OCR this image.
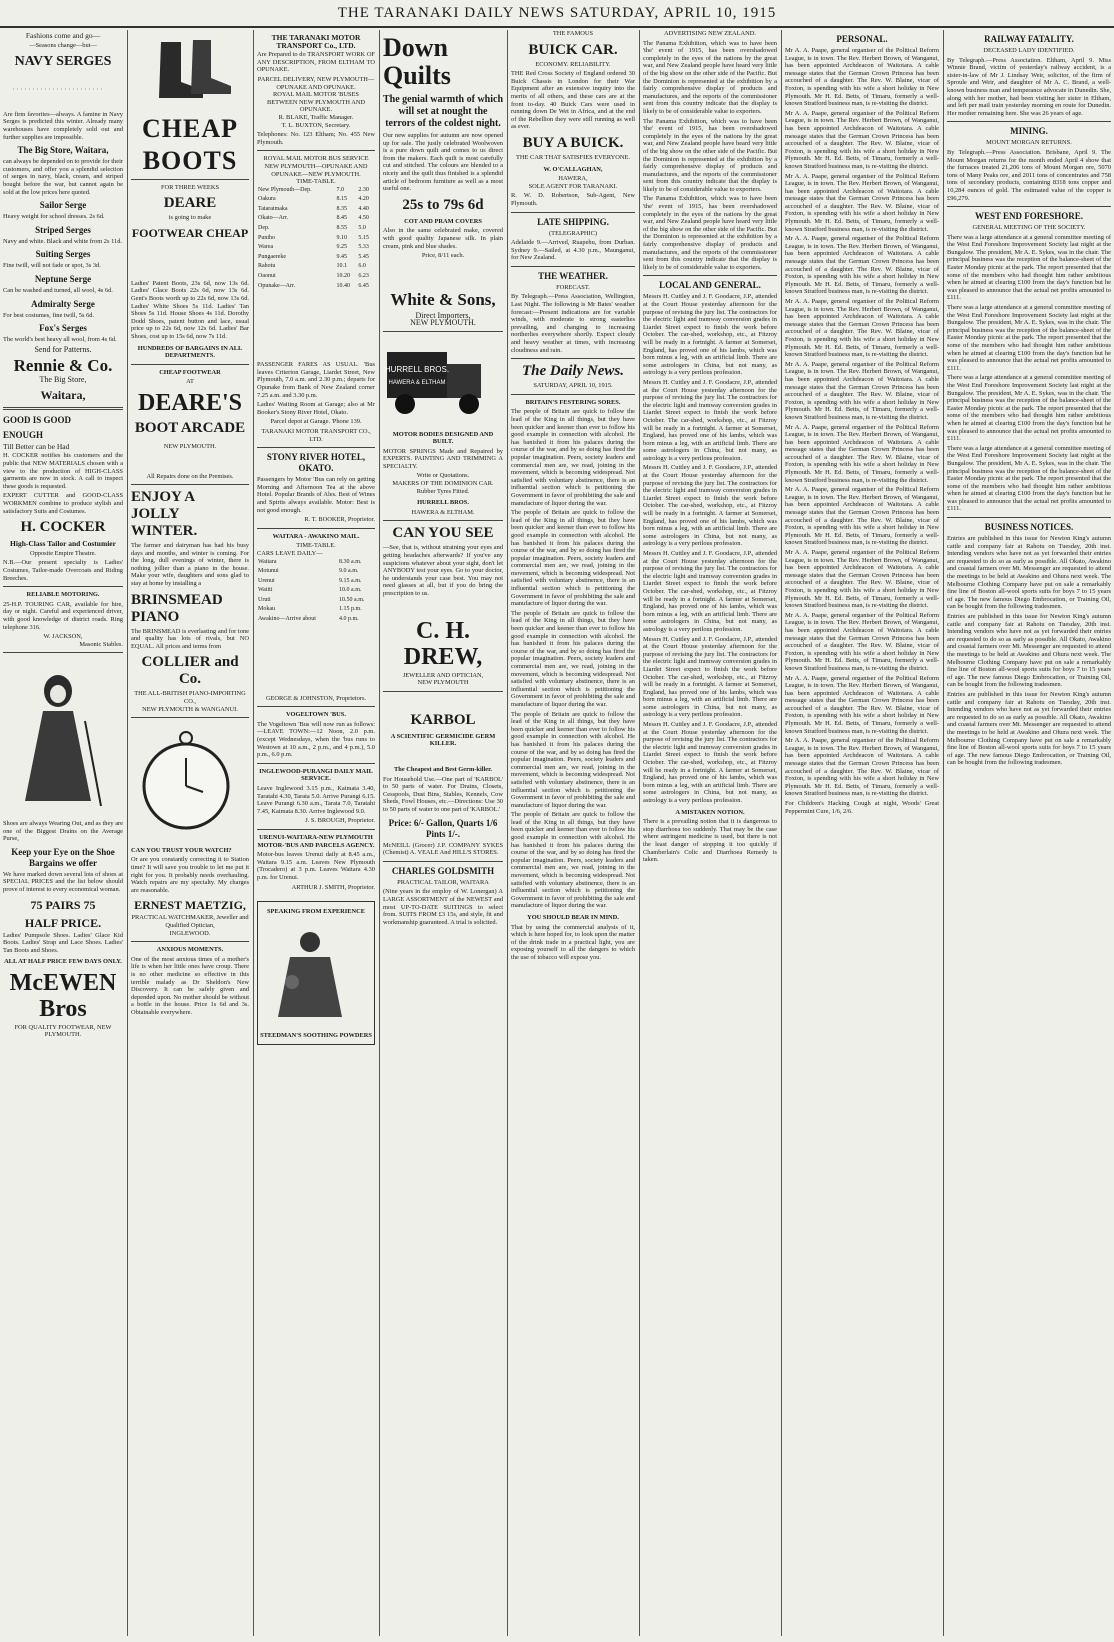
THE TARANAKI DAILY NEWS SATURDAY, APRIL 10, 1915

Fashions come and go—

—Seasons change—but—

NAVY SERGES

Are firm favorites—always. A famine in Navy Serges is predicted this winter. Already many warehouses have completely sold out and further supplies are impossible.

The Big Store, Waitara,

can always be depended on to provide for their customers, and offer you a splendid selection of serges in navy, black, cream, and striped bought before the war, but cannot again be sold at the low prices here quoted.

Sailor Serge

Heavy weight for school dresses. 2s 6d.

Striped Serges

Navy and white. Black and white from 2s 11d.

Suiting Serges

Fine twill, will not fade or spot, 3s 3d.

Neptune Serge

Can be washed and turned, all wool, 4s 6d.

Admiralty Serge

For best costumes, fine twill, 5s 6d.

Fox's Serges

The world's best heavy all wool, from 4s 6d.

Send for Patterns.

Rennie & Co.
The Big Store,
Waitara,
GOOD IS GOOD
ENOUGH
Till Better can be Had

H. COCKER notifies his customers and the public that NEW MATERIALS chosen with a view to the production of HIGH-CLASS garments are now in stock. A call to inspect these goods is requested.

EXPERT CUTTER and GOOD-CLASS WORKMEN combine to produce stylish and satisfactory Suits and Costumes.

H. COCKER
High-Class Tailor and Costumier
Opposite Empire Theatre.

N.B.—Our present specialty is Ladies' Costumes, Tailor-made Overcoats and Riding Breeches.

RELIABLE MOTORING.

25-H.P. TOURING CAR, available for hire, day or night. Careful and experienced driver, with good knowledge of district roads. Ring telephone 316.

W. JACKSON,
Masonic Stables.

Shoes are always Wearing Out, and as they are one of the Biggest Drains on the Average Purse,

Keep your Eye on the Shoe Bargains we offer

We have marked down several lots of shoes at SPECIAL PRICES and the list below should prove of interest to every economical woman.

75 PAIRS 75
HALF PRICE.

Ladies' Pumpsole Shoes. Ladies' Glace Kid Boots. Ladies' Strap and Lace Shoes. Ladies' Tan Boots and Shoes.

ALL AT HALF PRICE FEW DAYS ONLY.
McEWEN Bros
FOR QUALITY FOOTWEAR, NEW PLYMOUTH.
CHEAP
BOOTS
FOR THREE WEEKS
DEARE
is going to make
FOOTWEAR CHEAP

Ladies' Patent Boots, 23s 6d, now 13s 6d. Ladies' Glace Boots 22s 6d, now 13s 6d. Gent's Boots worth up to 22s 6d, now 13s 6d. Ladies' White Shoes 5s 11d. Ladies' Tan Shoes 5s 11d. House Shoes 4s 11d. Dorothy Dodd Shoes, patent button and lace, usual price up to 22s 6d, now 12s 6d. Ladies' Bar Shoes, cost up to 15s 6d, now 7s 11d.

HUNDREDS OF BARGAINS IN ALL DEPARTMENTS.
CHEAP FOOTWEAR
AT
DEARE'S
BOOT ARCADE
NEW PLYMOUTH.
All Repairs done on the Premises.
ENJOY A JOLLY WINTER.

The farmer and dairyman has had his busy days and months, and winter is coming. For the long, dull evenings of winter, there is nothing jollier than a piano in the house. Make your wife, daughters and sons glad to stay at home by installing a

BRINSMEAD PIANO

The BRINSMEAD is everlasting and for tone and quality has lots of rivals, but NO EQUAL. All prices and terms from

COLLIER and Co.
THE ALL-BRITISH PIANO-IMPORTING CO.,
NEW PLYMOUTH & WANGANUI.
CAN YOU TRUST YOUR WATCH?

Or are you constantly correcting it to Station time? It will save you trouble to let me put it right for you. It probably needs overhauling. Watch repairs are my specialty. My charges are reasonable.

ERNEST MAETZIG,
PRACTICAL WATCHMAKER, Jeweller and Qualified Optician,
INGLEWOOD.
ANXIOUS MOMENTS.

One of the most anxious times of a mother's life is when her little ones have croup. There is no other medicine so effective in this terrible malady as Dr Sheldon's New Discovery. It can be safely given and depended upon. No mother should be without a bottle in the house. Price 1s 6d and 3s. Obtainable everywhere.

THE TARANAKI MOTOR TRANSPORT Co., LTD.

Are Prepared to do TRANSPORT WORK OF ANY DESCRIPTION, FROM ELTHAM TO OPUNAKE.

PARCEL DELIVERY, NEW PLYMOUTH—OPUNAKE AND OPUNAKE.
ROYAL MAIL MOTOR 'BUSES BETWEEN NEW PLYMOUTH AND OPUNAKE.
R. BLAKE, Traffic Manager.
T. L. BUXTON, Secretary.

Telephones: No. 123 Eltham; No. 455 New Plymouth.

ROYAL MAIL MOTOR BUS SERVICE NEW PLYMOUTH—OPUNAKE AND OPUNAKE—NEW PLYMOUTH.
TIME-TABLE.
New Plymouth—Dep.	7.0	2.30
Oakura	8.15	4.20
Tataraimaka	8.35	4.40
Okato—Arr.	8.45	4.50
Dep.	8.55	5.0
Puniho	9.10	5.15
Warea	9.25	5.33
Pungaereke	9.45	5.45
Rahotu	10.1	6.0
Oaonui	10.20	6.23
Opunake—Arr.	10.40	6.45

PASSENGER FARES AS USUAL. 'Bus leaves Criterion Garage, Liardet Street, New Plymouth, 7.0 a.m. and 2.30 p.m.; departs for Opunake from Bank of New Zealand corner 7.25 a.m. and 3.30 p.m.

Ladies' Waiting Room at Garage; also at Mr Booker's Stony River Hotel, Okato.

Parcel depot at Garage. 'Phone 139.

TARANAKI MOTOR TRANSPORT CO., LTD.
STONY RIVER HOTEL, OKATO.

Passengers by Motor 'Bus can rely on getting Morning and Afternoon Tea at the above Hotel. Popular Brands of Ales. Best of Wines and Spirits always available. Motor: Best is not good enough.

R. T. BOOKER, Proprietor.
WAITARA - AWAKINO MAIL.
TIME-TABLE.
CARS LEAVE DAILY—
Waitara	8.30 a.m.
Motunui	9.0 a.m.
Urenui	9.15 a.m.
Waiiti	10.0 a.m.
Uruti	10.50 a.m.
Mokau	1.15 p.m.
Awakino—Arrive about	4.0 p.m.

GEORGE & JOHNSTON, Proprietors.

VOGELTOWN 'BUS.

The Vogeltown 'Bus will now run as follows:—LEAVE TOWN:—12 Noon, 2.0 p.m. (except Wednesdays, when the 'bus runs to Westown at 10 a.m., 2 p.m., and 4 p.m.), 5.0 p.m., 6.0 p.m.

INGLEWOOD-PURANGI DAILY MAIL SERVICE.

Leave Inglewood 3.15 p.m., Kaimata 3.40, Taratahi 4.30, Tarata 5.0. Arrive Purangi 6.15. Leave Purangi 6.30 a.m., Tarata 7.0, Taratahi 7.45, Kaimata 8.30. Arrive Inglewood 9.0.

J. S. BROUGH, Proprietor.
URENUI-WAITARA-NEW PLYMOUTH MOTOR-'BUS AND PARCELS AGENCY.

Motor-bus leaves Urenui daily at 8.45 a.m., Waitara 9.15 a.m. Leaves New Plymouth (Trocadero) at 3 p.m. Leaves Waitara 4.30 p.m. for Urenui.

ARTHUR J. SMITH, Proprietor.
SPEAKING FROM EXPERIENCE
STEEDMAN'S SOOTHING POWDERS
Down Quilts
The genial warmth of which will set at nought the terrors of the coldest night.

Our new supplies for autumn are now opened up for sale. The justly celebrated Woolwoven is a pure down quilt and comes to us direct from the makers. Each quilt is most carefully cut and stitched. The colours are blended to a nicety and the quilt thus finished is a splendid article of bedroom furniture as well as a most useful one.

25s to 79s 6d
COT AND PRAM COVERS

Also in the same celebrated make, covered with good quality Japanese silk. In plain cream, pink and blue shades.

Price, 8/11 each.
White & Sons,
Direct Importers,
NEW PLYMOUTH.
HURRELL BROS.
HAWERA & ELTHAM
MOTOR BODIES DESIGNED AND BUILT.

MOTOR SPRINGS Made and Repaired by EXPERTS. PAINTING AND TRIMMING A SPECIALTY.

Write or Quotations.
MAKERS OF THE DOMINION CAR.
Rubber Tyres Fitted.
HURRELL BROS.
HAWERA & ELTHAM.
CAN YOU SEE

—See, that is, without straining your eyes and getting headaches afterwards? If you've any suspicions whatever about your sight, don't let ANYBODY test your eyes. Go to your doctor, he understands your case best. You may not need glasses at all, but if you do bring the prescription to us.

C. H. DREW,
JEWELLER AND OPTICIAN,
NEW PLYMOUTH
KARBOL
A SCIENTIFIC GERMICIDE GERM KILLER.
The Cheapest and Best Germ-killer.

For Household Use.—One part of 'KARBOL' to 50 parts of water. For Drains, Closets, Cesspools, Dust Bins, Stables, Kennels, Cow Sheds, Fowl Houses, etc.—Directions: Use 30 to 50 parts of water to one part of 'KARBOL.'

Price: 6/- Gallon, Quarts 1/6 Pints 1/-.

McNEILL (Grocer) J.P. COMPANY SYKES (Chemist) A. VEALE And HILL'S STORES.

CHARLES GOLDSMITH
PRACTICAL TAILOR, WAITARA

(Nine years in the employ of W. Lonergan) A LARGE ASSORTMENT of the NEWEST and most UP-TO-DATE SUITINGS to select from. SUITS FROM £3 15s, and style, fit and workmanship guaranteed. A trial is solicited.

THE FAMOUS
BUICK CAR.
ECONOMY. RELIABILITY.

THE Red Cross Society of England ordered 30 Buick Chassis in London for their War Equipment after an extensive inquiry into the merits of all others, and these cars are at the front to-day. 40 Buick Cars were used in running down De Wet in Africa, and at the end of the Rebellion they were still running as well as ever.

BUY A BUICK.
THE CAR THAT SATISFIES EVERYONE.
W. O'CALLAGHAN,
HAWERA,
SOLE AGENT FOR TARANAKI.

R. W. D. Robertson, Sub-Agent, New Plymouth.

LATE SHIPPING.
(TELEGRAPHIC)

Adelaide 9.—Arrived, Ruapehu, from Durban. Sydney 9.—Sailed, at 4.30 p.m., Maunganui, for New Zealand.

THE WEATHER.
FORECAST.

By Telegraph.—Press Association, Wellington, Last Night. The following is Mr Bates' weather forecast:—Present indications are for variable winds, with moderate to strong easterlies prevailing, and changing to increasing northerlies everywhere shortly. Expect cloudy and heavy weather at times, with increasing cloudiness and rain.

The Daily News.
SATURDAY, APRIL 10, 1915.
BRITAIN'S FESTERING SORES.

The people of Britain are quick to follow the lead of the King in all things, but they have been quicker and keener than ever to follow his good example in connection with alcohol. He has banished it from his palaces during the course of the war, and by so doing has fired the popular imagination. Peers, society leaders and commercial men are, we read, joining in the movement, which is becoming widespread. Not satisfied with voluntary abstinence, there is an influential section which is petitioning the Government in favor of prohibiting the sale and manufacture of liquor during the war.

The people of Britain are quick to follow the lead of the King in all things, but they have been quicker and keener than ever to follow his good example in connection with alcohol. He has banished it from his palaces during the course of the war, and by so doing has fired the popular imagination. Peers, society leaders and commercial men are, we read, joining in the movement, which is becoming widespread. Not satisfied with voluntary abstinence, there is an influential section which is petitioning the Government in favor of prohibiting the sale and manufacture of liquor during the war.

The people of Britain are quick to follow the lead of the King in all things, but they have been quicker and keener than ever to follow his good example in connection with alcohol. He has banished it from his palaces during the course of the war, and by so doing has fired the popular imagination. Peers, society leaders and commercial men are, we read, joining in the movement, which is becoming widespread. Not satisfied with voluntary abstinence, there is an influential section which is petitioning the Government in favor of prohibiting the sale and manufacture of liquor during the war.

The people of Britain are quick to follow the lead of the King in all things, but they have been quicker and keener than ever to follow his good example in connection with alcohol. He has banished it from his palaces during the course of the war, and by so doing has fired the popular imagination. Peers, society leaders and commercial men are, we read, joining in the movement, which is becoming widespread. Not satisfied with voluntary abstinence, there is an influential section which is petitioning the Government in favor of prohibiting the sale and manufacture of liquor during the war.

The people of Britain are quick to follow the lead of the King in all things, but they have been quicker and keener than ever to follow his good example in connection with alcohol. He has banished it from his palaces during the course of the war, and by so doing has fired the popular imagination. Peers, society leaders and commercial men are, we read, joining in the movement, which is becoming widespread. Not satisfied with voluntary abstinence, there is an influential section which is petitioning the Government in favor of prohibiting the sale and manufacture of liquor during the war.

YOU SHOULD BEAR IN MIND.

That by using the commercial analysis of it, which is here hoped for, to look upon the matter of the drink trade in a practical light, you are exposing yourself to all the dangers to which the use of tobacco will expose you.

ADVERTISING NEW ZEALAND.

The Panama Exhibition, which was to have been 'the' event of 1915, has been overshadowed completely in the eyes of the nations by the great war, and New Zealand people have heard very little of the big show on the other side of the Pacific. But the Dominion is represented at the exhibition by a fairly comprehensive display of products and manufactures, and the reports of the commissioner sent from this country indicate that the display is likely to be of considerable value to exporters.

The Panama Exhibition, which was to have been 'the' event of 1915, has been overshadowed completely in the eyes of the nations by the great war, and New Zealand people have heard very little of the big show on the other side of the Pacific. But the Dominion is represented at the exhibition by a fairly comprehensive display of products and manufactures, and the reports of the commissioner sent from this country indicate that the display is likely to be of considerable value to exporters.

The Panama Exhibition, which was to have been 'the' event of 1915, has been overshadowed completely in the eyes of the nations by the great war, and New Zealand people have heard very little of the big show on the other side of the Pacific. But the Dominion is represented at the exhibition by a fairly comprehensive display of products and manufactures, and the reports of the commissioner sent from this country indicate that the display is likely to be of considerable value to exporters.

LOCAL AND GENERAL.

Messrs H. Cuttley and J. F. Goodacre, J.P., attended at the Court House yesterday afternoon for the purpose of revising the jury list. The contractors for the electric light and tramway conversion grades in Liardet Street expect to finish the work before October. The car-shed, workshop, etc., at Fitzroy will be ready in a fortnight. A farmer at Somerset, England, has proved one of his lambs, which was born minus a leg, with an artificial limb. There are some astrologers in China, but not many, as astrology is a very perilous profession.

Messrs H. Cuttley and J. F. Goodacre, J.P., attended at the Court House yesterday afternoon for the purpose of revising the jury list. The contractors for the electric light and tramway conversion grades in Liardet Street expect to finish the work before October. The car-shed, workshop, etc., at Fitzroy will be ready in a fortnight. A farmer at Somerset, England, has proved one of his lambs, which was born minus a leg, with an artificial limb. There are some astrologers in China, but not many, as astrology is a very perilous profession.

Messrs H. Cuttley and J. F. Goodacre, J.P., attended at the Court House yesterday afternoon for the purpose of revising the jury list. The contractors for the electric light and tramway conversion grades in Liardet Street expect to finish the work before October. The car-shed, workshop, etc., at Fitzroy will be ready in a fortnight. A farmer at Somerset, England, has proved one of his lambs, which was born minus a leg, with an artificial limb. There are some astrologers in China, but not many, as astrology is a very perilous profession.

Messrs H. Cuttley and J. F. Goodacre, J.P., attended at the Court House yesterday afternoon for the purpose of revising the jury list. The contractors for the electric light and tramway conversion grades in Liardet Street expect to finish the work before October. The car-shed, workshop, etc., at Fitzroy will be ready in a fortnight. A farmer at Somerset, England, has proved one of his lambs, which was born minus a leg, with an artificial limb. There are some astrologers in China, but not many, as astrology is a very perilous profession.

Messrs H. Cuttley and J. F. Goodacre, J.P., attended at the Court House yesterday afternoon for the purpose of revising the jury list. The contractors for the electric light and tramway conversion grades in Liardet Street expect to finish the work before October. The car-shed, workshop, etc., at Fitzroy will be ready in a fortnight. A farmer at Somerset, England, has proved one of his lambs, which was born minus a leg, with an artificial limb. There are some astrologers in China, but not many, as astrology is a very perilous profession.

Messrs H. Cuttley and J. F. Goodacre, J.P., attended at the Court House yesterday afternoon for the purpose of revising the jury list. The contractors for the electric light and tramway conversion grades in Liardet Street expect to finish the work before October. The car-shed, workshop, etc., at Fitzroy will be ready in a fortnight. A farmer at Somerset, England, has proved one of his lambs, which was born minus a leg, with an artificial limb. There are some astrologers in China, but not many, as astrology is a very perilous profession.

A MISTAKEN NOTION.

There is a prevailing notion that it is dangerous to stop diarrhoea too suddenly. That may be the case where astringent medicine is used, but there is not the least danger of stopping it too quickly if Chamberlain's Colic and Diarrhoea Remedy is taken.

PERSONAL.

Mr A. A. Paape, general organiser of the Political Reform League, is in town. The Rev. Herbert Brown, of Wanganui, has been appointed Archdeacon of Waitotara. A cable message states that the German Crown Princess has been accouched of a daughter. The Rev. W. Blaine, vicar of Foxton, is spending with his wife a short holiday in New Plymouth. Mr H. Ed. Betts, of Timaru, formerly a well-known Stratford business man, is re-visiting the district.

Mr A. A. Paape, general organiser of the Political Reform League, is in town. The Rev. Herbert Brown, of Wanganui, has been appointed Archdeacon of Waitotara. A cable message states that the German Crown Princess has been accouched of a daughter. The Rev. W. Blaine, vicar of Foxton, is spending with his wife a short holiday in New Plymouth. Mr H. Ed. Betts, of Timaru, formerly a well-known Stratford business man, is re-visiting the district.

Mr A. A. Paape, general organiser of the Political Reform League, is in town. The Rev. Herbert Brown, of Wanganui, has been appointed Archdeacon of Waitotara. A cable message states that the German Crown Princess has been accouched of a daughter. The Rev. W. Blaine, vicar of Foxton, is spending with his wife a short holiday in New Plymouth. Mr H. Ed. Betts, of Timaru, formerly a well-known Stratford business man, is re-visiting the district.

Mr A. A. Paape, general organiser of the Political Reform League, is in town. The Rev. Herbert Brown, of Wanganui, has been appointed Archdeacon of Waitotara. A cable message states that the German Crown Princess has been accouched of a daughter. The Rev. W. Blaine, vicar of Foxton, is spending with his wife a short holiday in New Plymouth. Mr H. Ed. Betts, of Timaru, formerly a well-known Stratford business man, is re-visiting the district.

Mr A. A. Paape, general organiser of the Political Reform League, is in town. The Rev. Herbert Brown, of Wanganui, has been appointed Archdeacon of Waitotara. A cable message states that the German Crown Princess has been accouched of a daughter. The Rev. W. Blaine, vicar of Foxton, is spending with his wife a short holiday in New Plymouth. Mr H. Ed. Betts, of Timaru, formerly a well-known Stratford business man, is re-visiting the district.

Mr A. A. Paape, general organiser of the Political Reform League, is in town. The Rev. Herbert Brown, of Wanganui, has been appointed Archdeacon of Waitotara. A cable message states that the German Crown Princess has been accouched of a daughter. The Rev. W. Blaine, vicar of Foxton, is spending with his wife a short holiday in New Plymouth. Mr H. Ed. Betts, of Timaru, formerly a well-known Stratford business man, is re-visiting the district.

Mr A. A. Paape, general organiser of the Political Reform League, is in town. The Rev. Herbert Brown, of Wanganui, has been appointed Archdeacon of Waitotara. A cable message states that the German Crown Princess has been accouched of a daughter. The Rev. W. Blaine, vicar of Foxton, is spending with his wife a short holiday in New Plymouth. Mr H. Ed. Betts, of Timaru, formerly a well-known Stratford business man, is re-visiting the district.

Mr A. A. Paape, general organiser of the Political Reform League, is in town. The Rev. Herbert Brown, of Wanganui, has been appointed Archdeacon of Waitotara. A cable message states that the German Crown Princess has been accouched of a daughter. The Rev. W. Blaine, vicar of Foxton, is spending with his wife a short holiday in New Plymouth. Mr H. Ed. Betts, of Timaru, formerly a well-known Stratford business man, is re-visiting the district.

Mr A. A. Paape, general organiser of the Political Reform League, is in town. The Rev. Herbert Brown, of Wanganui, has been appointed Archdeacon of Waitotara. A cable message states that the German Crown Princess has been accouched of a daughter. The Rev. W. Blaine, vicar of Foxton, is spending with his wife a short holiday in New Plymouth. Mr H. Ed. Betts, of Timaru, formerly a well-known Stratford business man, is re-visiting the district.

Mr A. A. Paape, general organiser of the Political Reform League, is in town. The Rev. Herbert Brown, of Wanganui, has been appointed Archdeacon of Waitotara. A cable message states that the German Crown Princess has been accouched of a daughter. The Rev. W. Blaine, vicar of Foxton, is spending with his wife a short holiday in New Plymouth. Mr H. Ed. Betts, of Timaru, formerly a well-known Stratford business man, is re-visiting the district.

Mr A. A. Paape, general organiser of the Political Reform League, is in town. The Rev. Herbert Brown, of Wanganui, has been appointed Archdeacon of Waitotara. A cable message states that the German Crown Princess has been accouched of a daughter. The Rev. W. Blaine, vicar of Foxton, is spending with his wife a short holiday in New Plymouth. Mr H. Ed. Betts, of Timaru, formerly a well-known Stratford business man, is re-visiting the district.

Mr A. A. Paape, general organiser of the Political Reform League, is in town. The Rev. Herbert Brown, of Wanganui, has been appointed Archdeacon of Waitotara. A cable message states that the German Crown Princess has been accouched of a daughter. The Rev. W. Blaine, vicar of Foxton, is spending with his wife a short holiday in New Plymouth. Mr H. Ed. Betts, of Timaru, formerly a well-known Stratford business man, is re-visiting the district.

For Children's Hacking Cough at night, Woods' Great Peppermint Cure, 1/6, 2/6.

RAILWAY FATALITY.
DECEASED LADY IDENTIFIED.

By Telegraph.—Press Association. Eltham, April 9. Miss Winnie Brand, victim of yesterday's railway accident, is a sister-in-law of Mr J. Lindsay Weir, solicitor, of the firm of Sproule and Weir, and daughter of Mr A. C. Brand, a well-known business man and temperance advocate in Dunedin. She, along with her mother, had been visiting her sister in Eltham, and left per mail train yesterday morning en route for Dunedin. Her mother remaining here. She was 26 years of age.

MINING.
MOUNT MORGAN RETURNS.

By Telegraph.—Press Association. Brisbane, April 9. The Mount Morgan returns for the month ended April 4 show that the furnaces treated 21,206 tons of Mount Morgan ore, 5070 tons of Many Peaks ore, and 2011 tons of concentrates and 758 tons of secondary products, containing 8318 tons copper and 10,284 ounces of gold. The estimated value of the copper is £96,279.

WEST END FORESHORE.
GENERAL MEETING OF THE SOCIETY.

There was a large attendance at a general committee meeting of the West End Foreshore Improvement Society last night at the Bungalow. The president, Mr A. E. Sykes, was in the chair. The principal business was the reception of the balance-sheet of the Easter Monday picnic at the park. The report presented that the some of the members who had thought him rather ambitious when he aimed at clearing £100 from the day's function but he was pleased to announce that the actual net profits amounted to £111.

There was a large attendance at a general committee meeting of the West End Foreshore Improvement Society last night at the Bungalow. The president, Mr A. E. Sykes, was in the chair. The principal business was the reception of the balance-sheet of the Easter Monday picnic at the park. The report presented that the some of the members who had thought him rather ambitious when he aimed at clearing £100 from the day's function but he was pleased to announce that the actual net profits amounted to £111.

There was a large attendance at a general committee meeting of the West End Foreshore Improvement Society last night at the Bungalow. The president, Mr A. E. Sykes, was in the chair. The principal business was the reception of the balance-sheet of the Easter Monday picnic at the park. The report presented that the some of the members who had thought him rather ambitious when he aimed at clearing £100 from the day's function but he was pleased to announce that the actual net profits amounted to £111.

There was a large attendance at a general committee meeting of the West End Foreshore Improvement Society last night at the Bungalow. The president, Mr A. E. Sykes, was in the chair. The principal business was the reception of the balance-sheet of the Easter Monday picnic at the park. The report presented that the some of the members who had thought him rather ambitious when he aimed at clearing £100 from the day's function but he was pleased to announce that the actual net profits amounted to £111.

BUSINESS NOTICES.

Entries are published in this issue for Newton King's autumn cattle and company fair at Rahotu on Tuesday, 20th inst. Intending vendors who have not as yet forwarded their entries are requested to do so as early as possible. All Okato, Awakino and coastal farmers over Mt. Messenger are requested to attend the meetings to be held at Awakino and Ohura next week. The Melbourne Clothing Company have put on sale a remarkably fine line of Boston all-wool sports suits for boys 7 to 15 years of age. The new famous Diego Embrocation, or Training Oil, can be bought from the following tradesmen.

Entries are published in this issue for Newton King's autumn cattle and company fair at Rahotu on Tuesday, 20th inst. Intending vendors who have not as yet forwarded their entries are requested to do so as early as possible. All Okato, Awakino and coastal farmers over Mt. Messenger are requested to attend the meetings to be held at Awakino and Ohura next week. The Melbourne Clothing Company have put on sale a remarkably fine line of Boston all-wool sports suits for boys 7 to 15 years of age. The new famous Diego Embrocation, or Training Oil, can be bought from the following tradesmen.

Entries are published in this issue for Newton King's autumn cattle and company fair at Rahotu on Tuesday, 20th inst. Intending vendors who have not as yet forwarded their entries are requested to do so as early as possible. All Okato, Awakino and coastal farmers over Mt. Messenger are requested to attend the meetings to be held at Awakino and Ohura next week. The Melbourne Clothing Company have put on sale a remarkably fine line of Boston all-wool sports suits for boys 7 to 15 years of age. The new famous Diego Embrocation, or Training Oil, can be bought from the following tradesmen.
